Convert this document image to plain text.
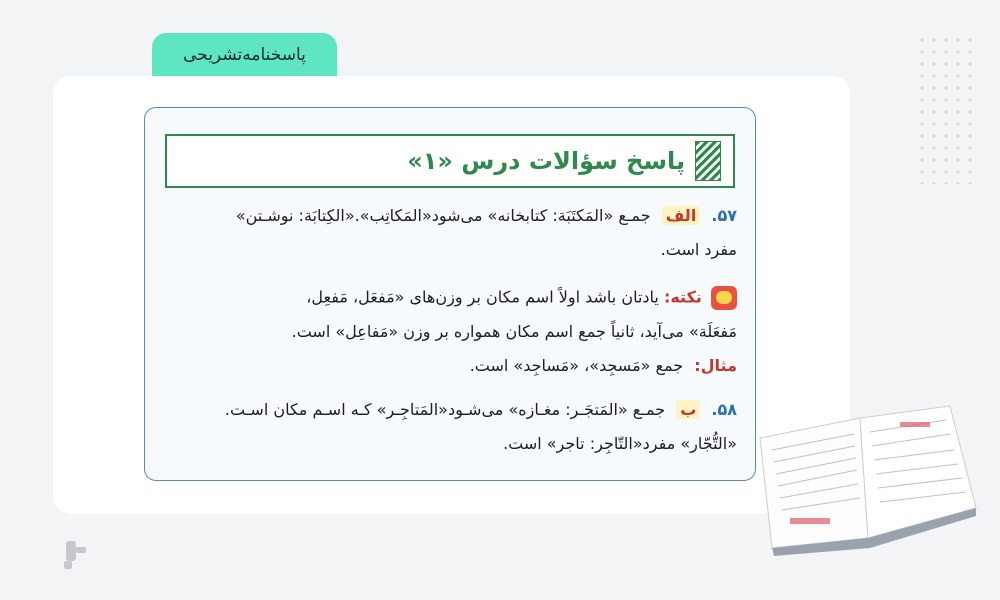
پاسخنامه‌تشریحی
پاسخ سؤالات درس «۱»
۵۷. الف جمـع «المَکتَبَة: کتابخانه» می‌شود«المَکاتِب».«الکِتابَة: نوشـتن»
مفرد است.
نکته: یادتان باشد اولاً اسم مکان بر وزن‌های «مَفعَل، مَفعِل،
مَفعَلَة» می‌آید، ثانیاً جمع اسم مکان همواره بر وزن «مَفاعِل» است.
مثال: جمع «مَسجِد»، «مَساجِد» است.
۵۸. ب جمـع «المَتجَـر: مغـازه» می‌شـود«المَتاجِـر» کـه اسـم مکان اسـت.
«التُّجّار» مفرد«التّاجِر: تاجر» است.
